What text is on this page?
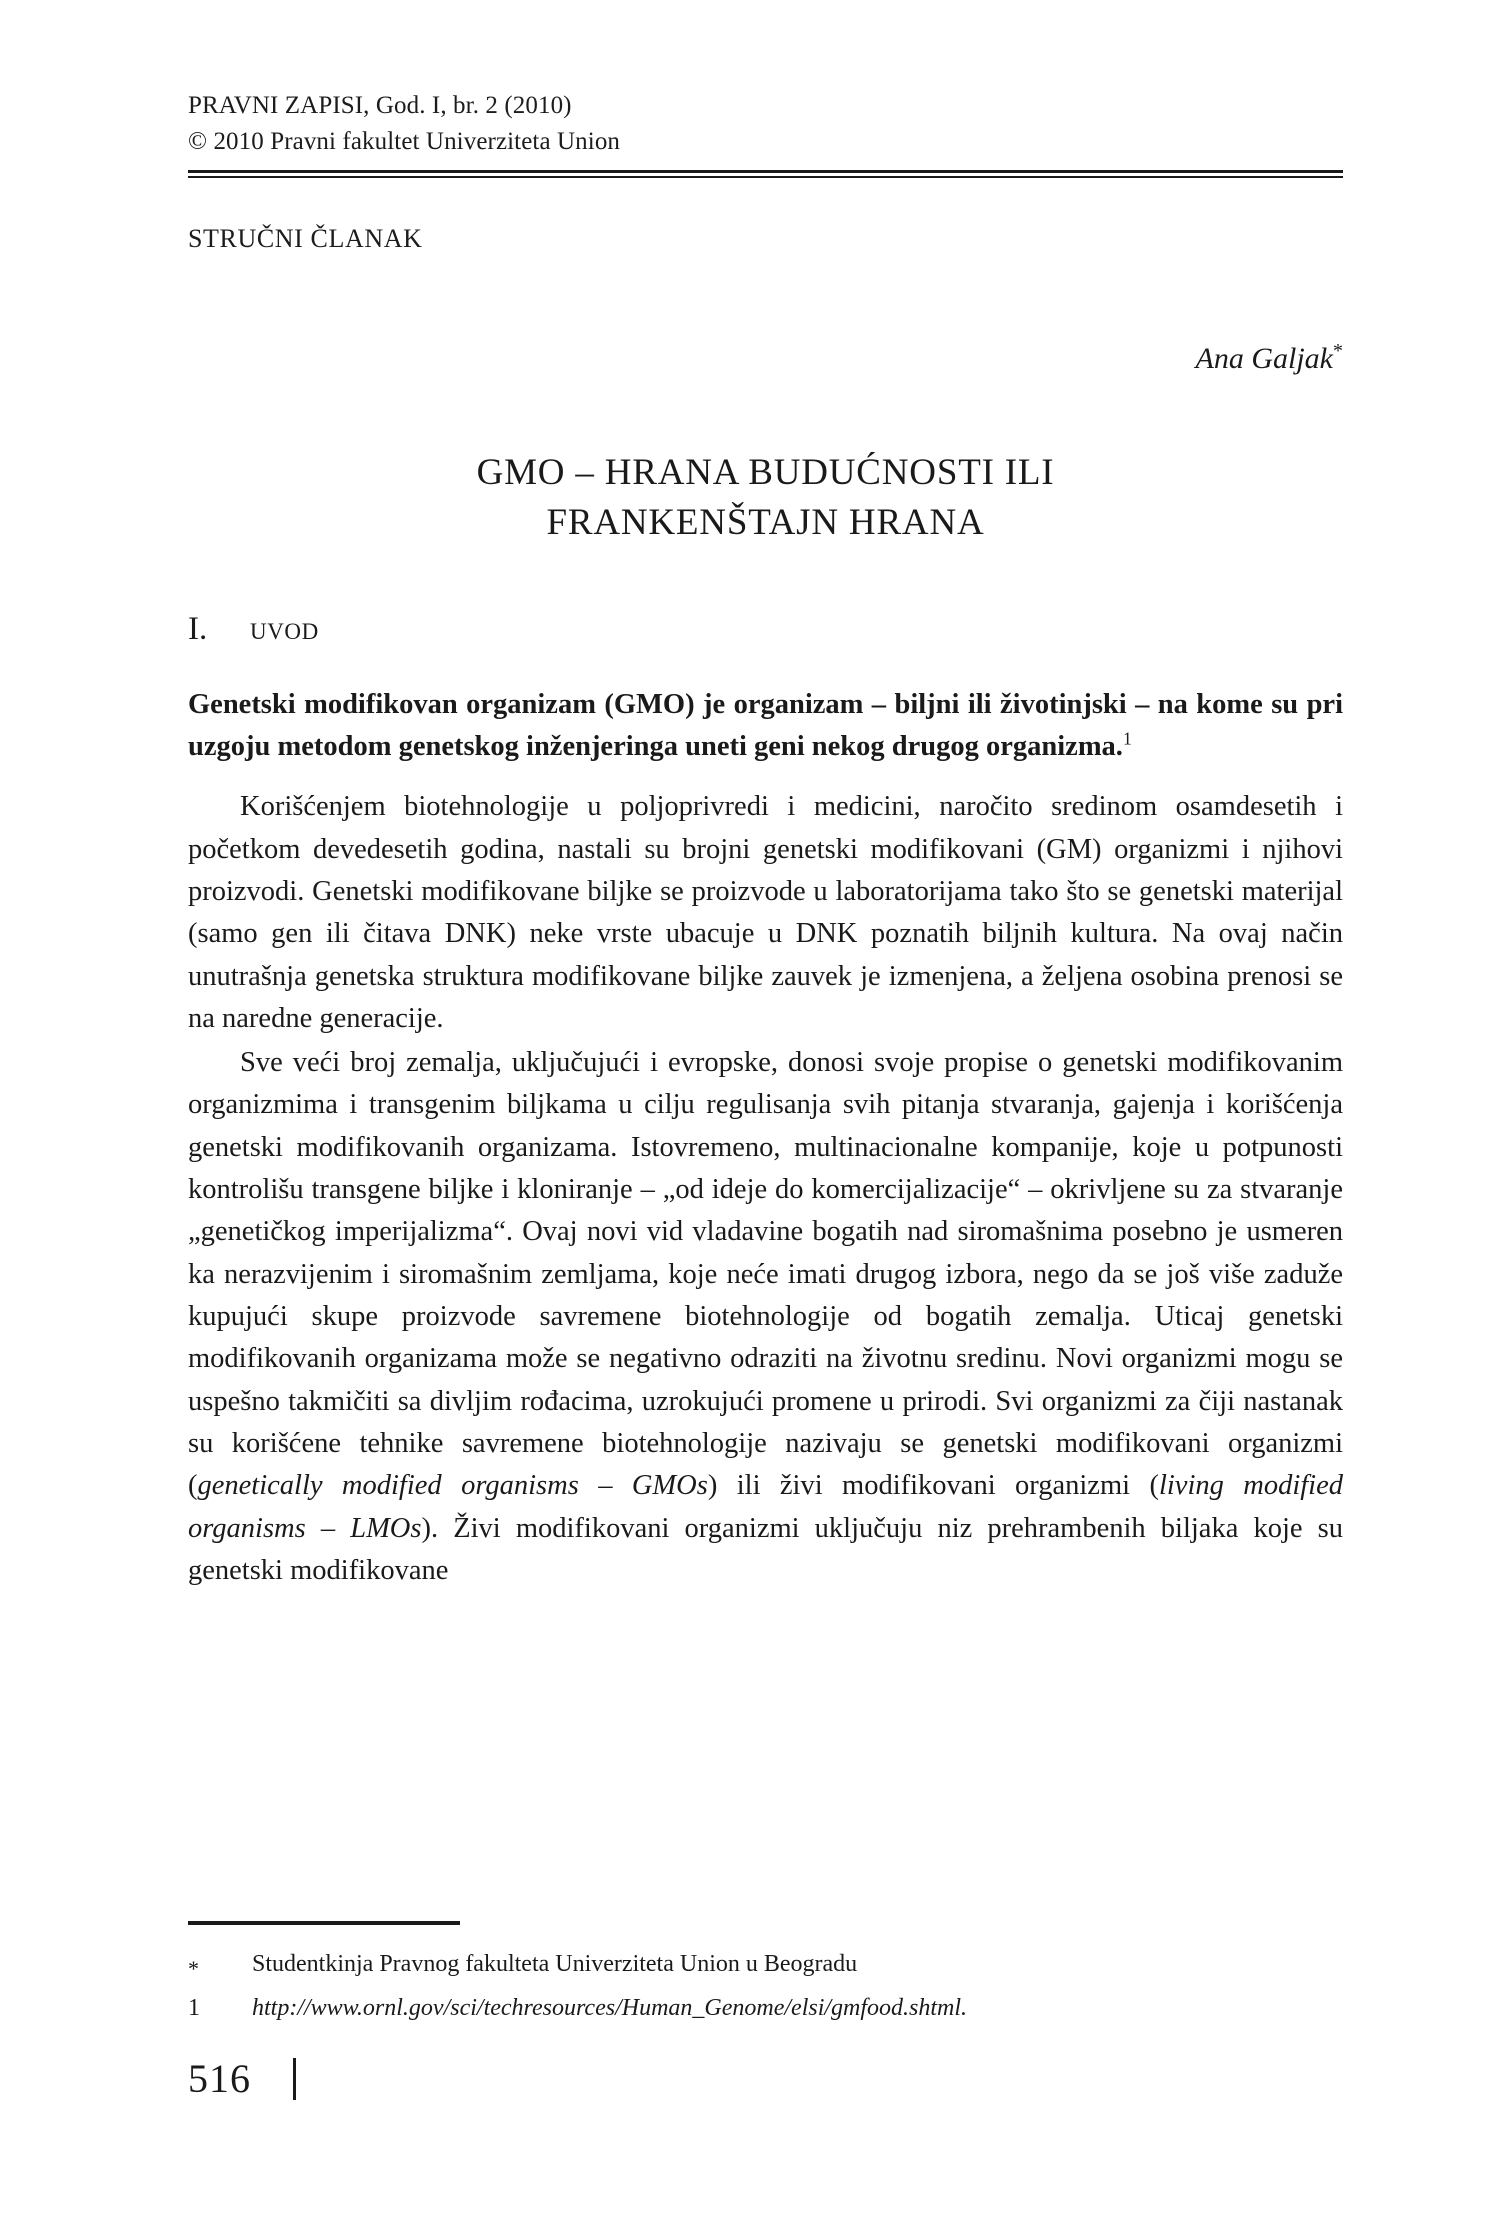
PRAVNI ZAPISI, God. I, br. 2 (2010)
© 2010 Pravni fakultet Univerziteta Union
STRUČNI ČLANAK
Ana Galjak*
GMO – HRANA BUDUĆNOSTI ILI
FRANKENŠTAJN HRANA
I.	uvod

Genetski modifikovan organizam (GMO) je organizam – biljni ili životinjski – na kome su pri uzgoju metodom genetskog inženjeringa uneti geni nekog drugog organizma.$^1$

Korišćenjem biotehnologije u poljoprivredi i medicini, naročito sredinom osamdesetih i početkom devedesetih godina, nastali su brojni genetski modifikovani (GM) organizmi i njihovi proizvodi. Genetski modifikovane biljke se proizvode u laboratorijama tako što se genetski materijal (samo gen ili čitava DNK) neke vrste ubacuje u DNK poznatih biljnih kultura. Na ovaj način unutrašnja genetska struktura modifikovane biljke zauvek je izmenjena, a željena osobina prenosi se na naredne generacije.

Sve veći broj zemalja, uključujući i evropske, donosi svoje propise o genetski modifikovanim organizmima i transgenim biljkama u cilju regulisanja svih pitanja stvaranja, gajenja i korišćenja genetski modifikovanih organizama. Istovremeno, multinacionalne kompanije, koje u potpunosti kontrolišu transgene biljke i kloniranje – „od ideje do komercijalizacije“ – okrivljene su za stvaranje „genetičkog imperijalizma“. Ovaj novi vid vladavine bogatih nad siromašnima posebno je usmeren ka nerazvijenim i siromašnim zemljama, koje neće imati drugog izbora, nego da se još više zaduže kupujući skupe proizvode savremene biotehnologije od bogatih zemalja. Uticaj genetski modifikovanih organizama može se negativno odraziti na životnu sredinu. Novi organizmi mogu se uspešno takmičiti sa divljim rođacima, uzrokujući promene u prirodi. Svi organizmi za čiji nastanak su korišćene tehnike savremene biotehnologije nazivaju se genetski modifikovani organizmi (genetically modified organisms – GMOs) ili živi modifikovani organizmi (living modified organisms – LMOs). Živi modifikovani organizmi uključuju niz prehrambenih biljaka koje su genetski modifikovane

*	Studentkinja Pravnog fakulteta Univerziteta Union u Beogradu
1	http://www.ornl.gov/sci/techresources/Human_Genome/elsi/gmfood.shtml.
516
